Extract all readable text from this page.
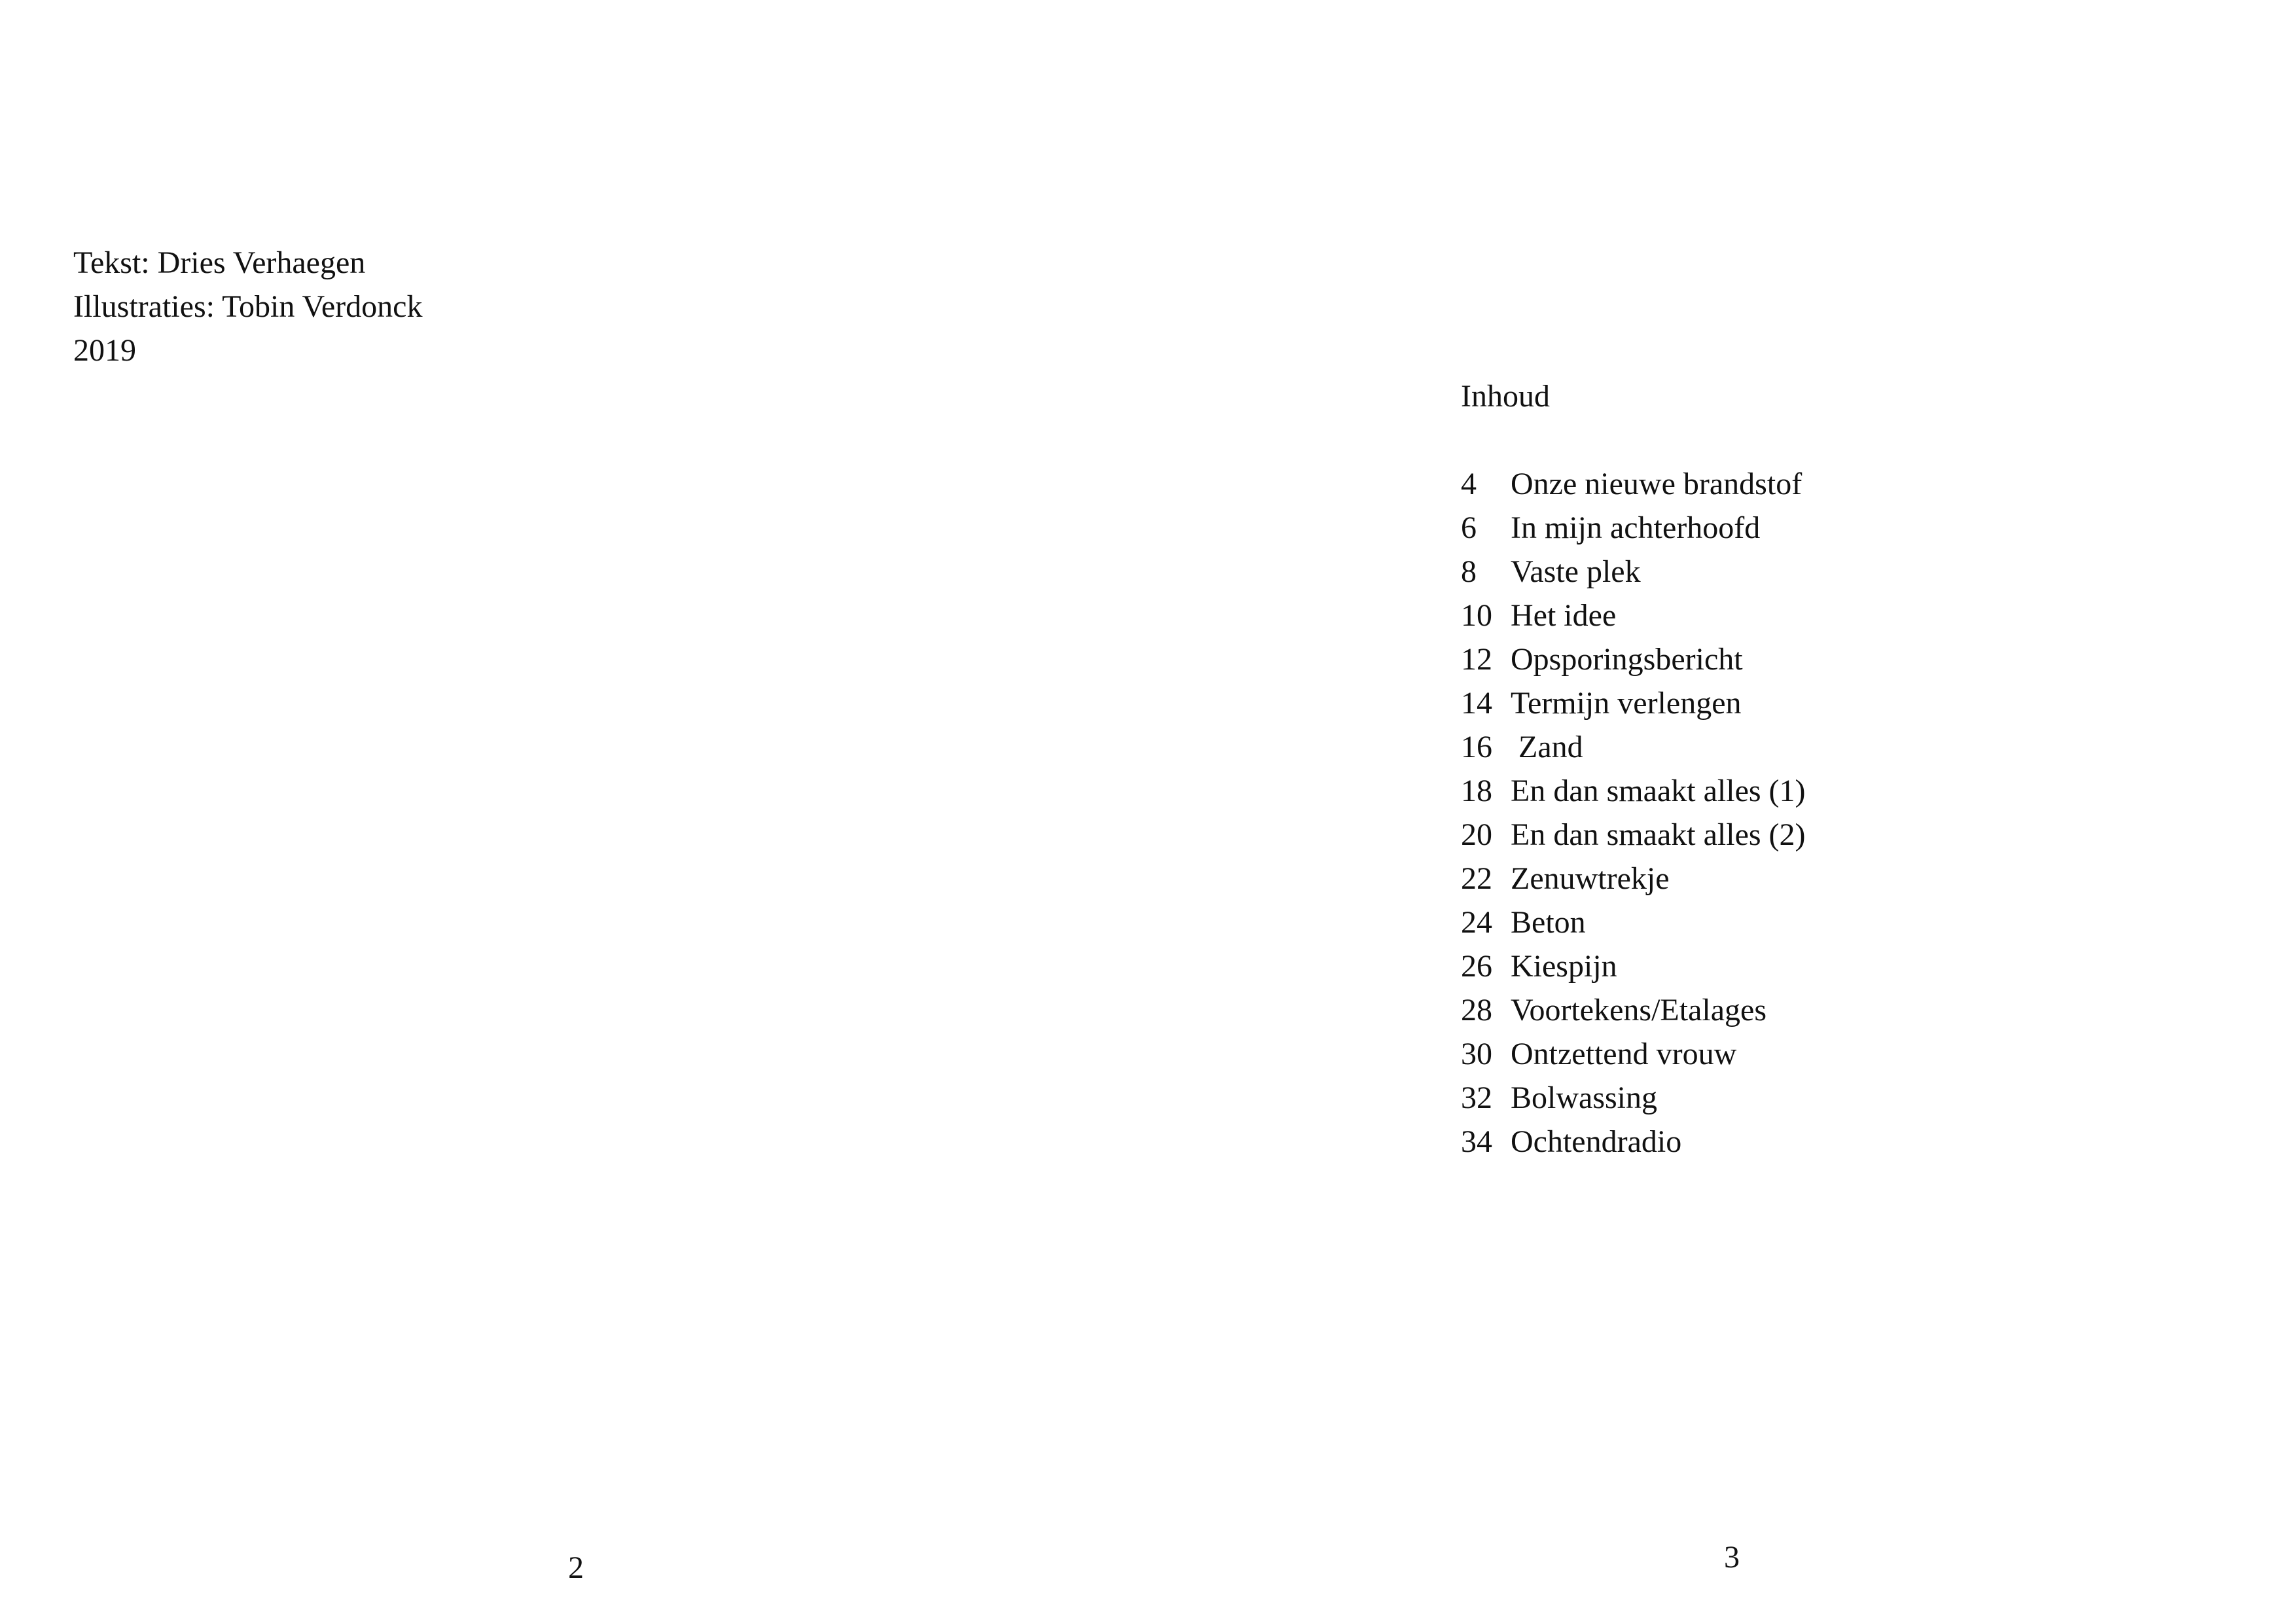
Tekst: Dries Verhaegen
Illustraties: Tobin Verdonck
2019
2
Inhoud
4	Onze nieuwe brandstof
6	In mijn achterhoofd
8	Vaste plek
10 Het idee
12 Opsporingsbericht
14 Termijn verlengen
16 Zand
18 En dan smaakt alles (1)
20 En dan smaakt alles (2)
22 Zenuwtrekje
24 Beton
26 Kiespijn
28 Voortekens/Etalages
30 Ontzettend vrouw
32 Bolwassing
34 Ochtendradio
3
